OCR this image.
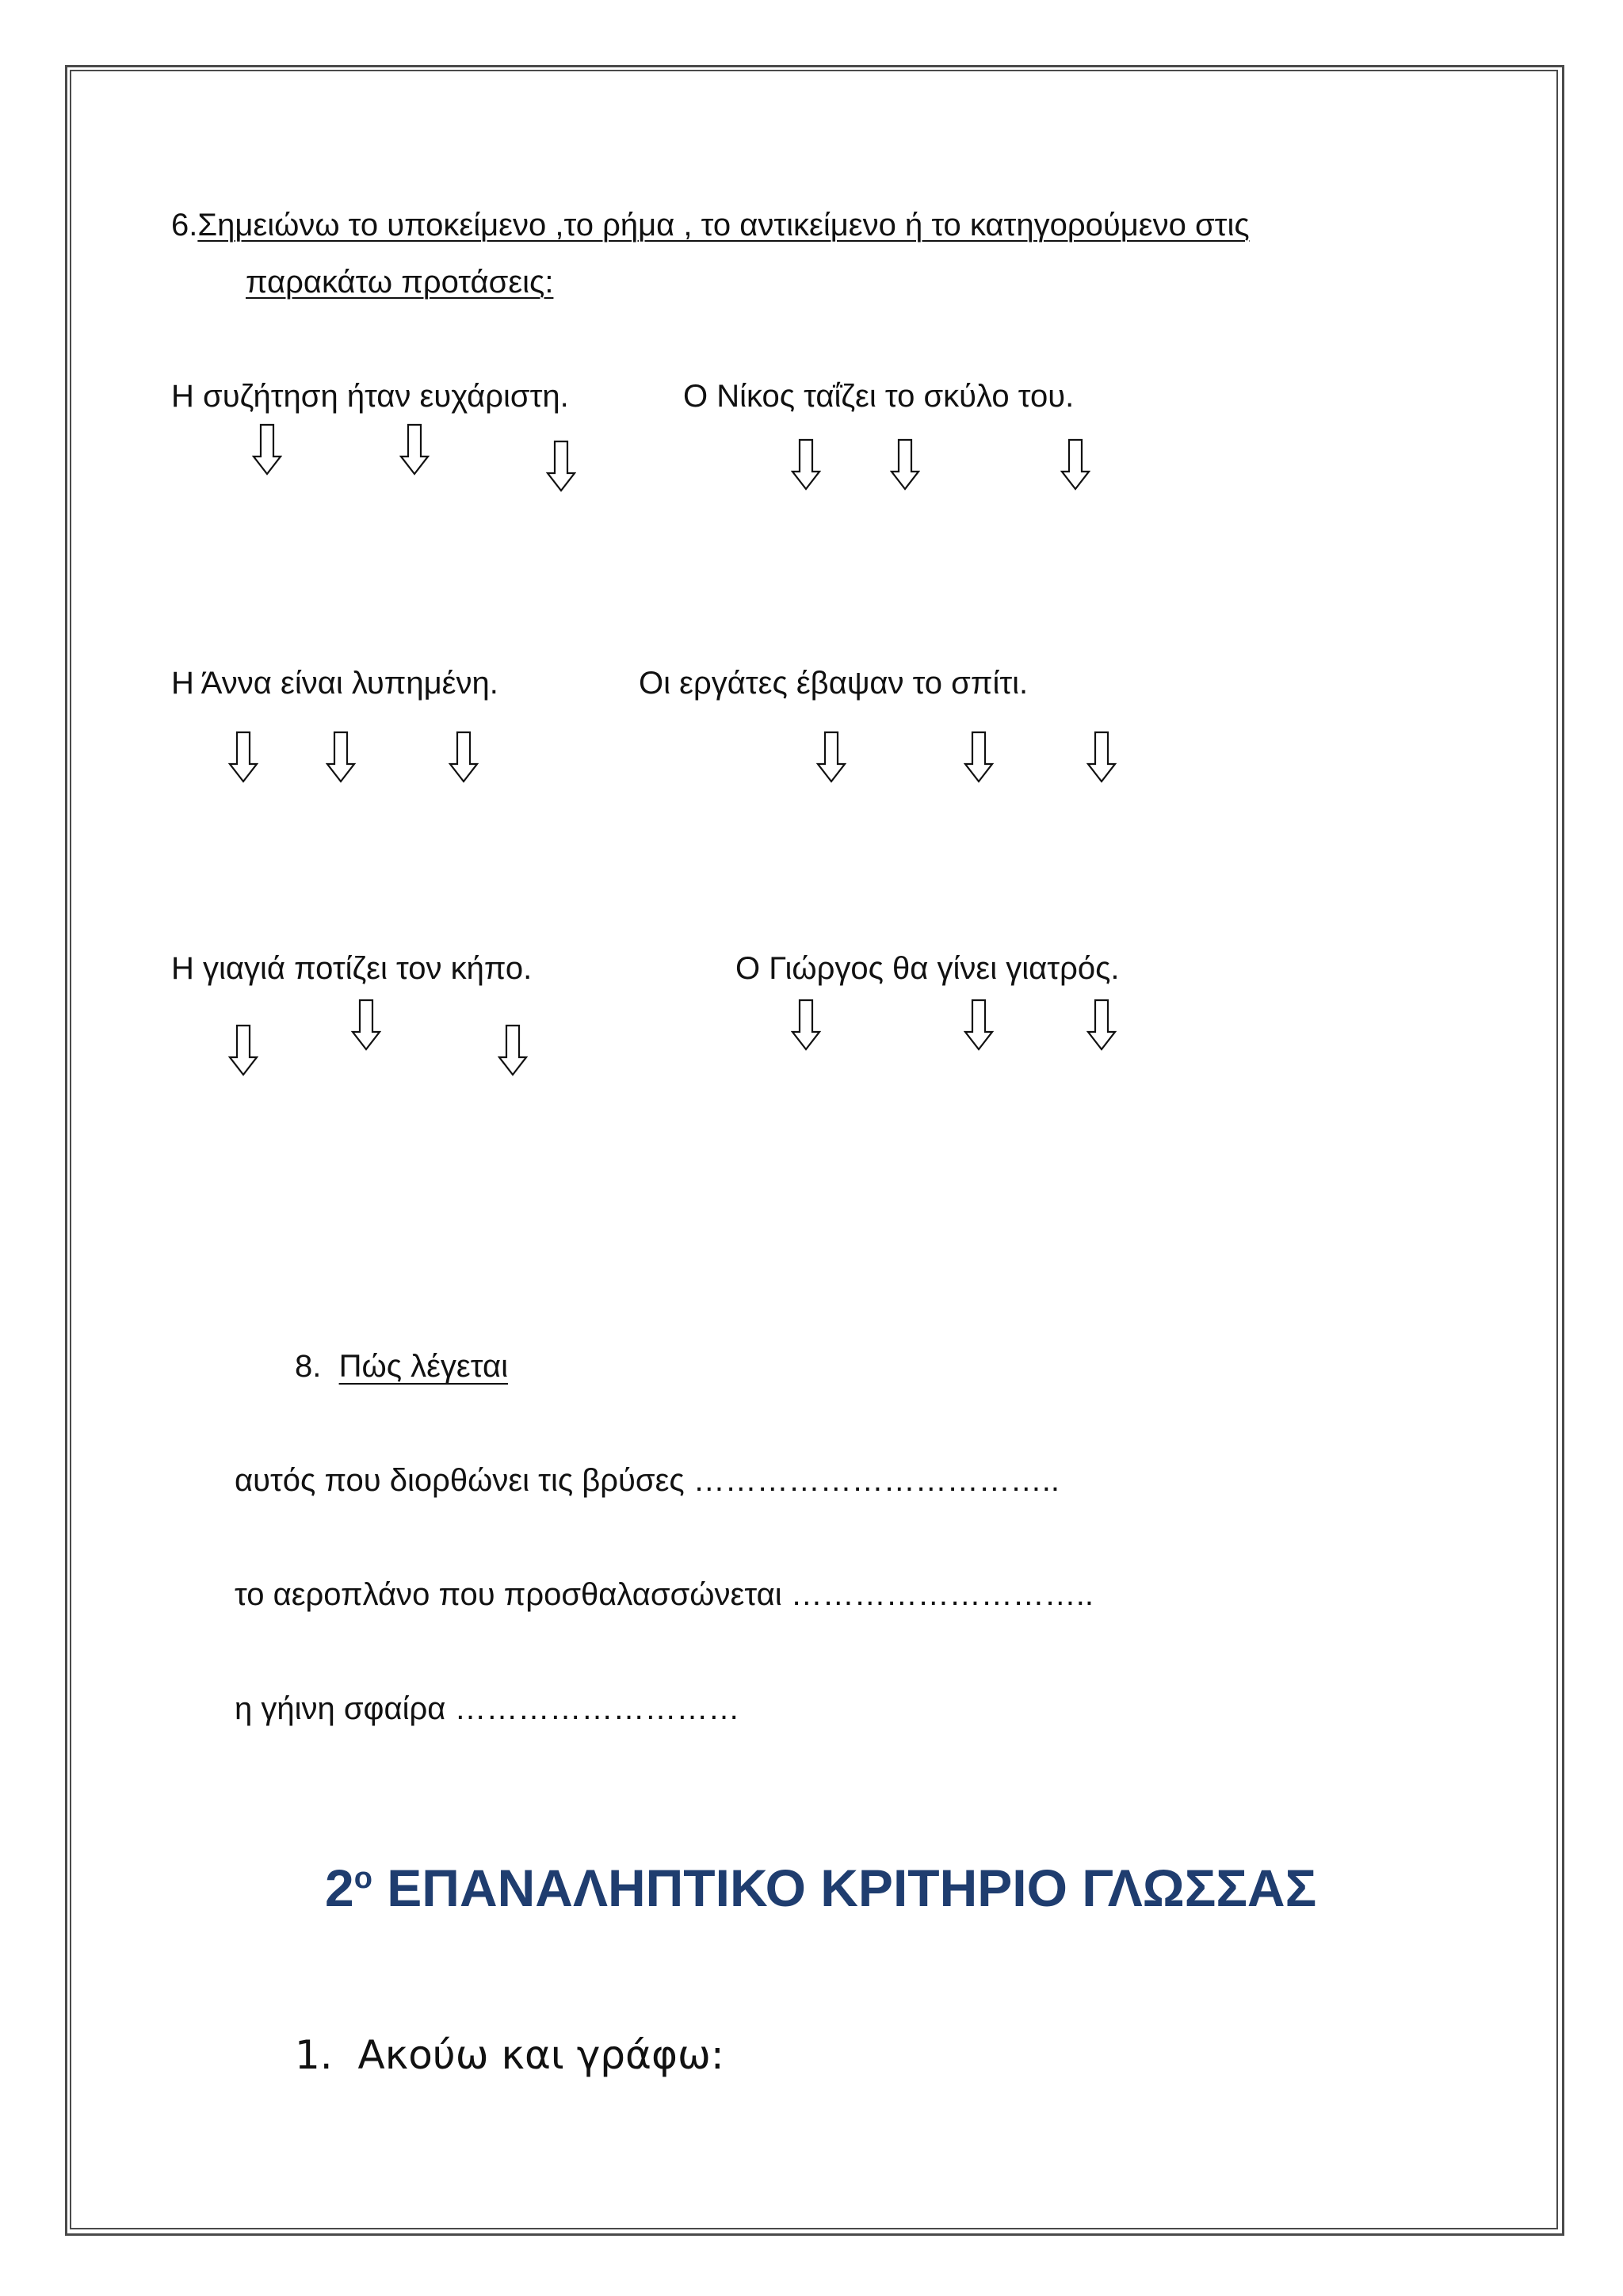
6.Σημειώνω το υποκείμενο ,το ρήμα , το αντικείμενο ή το κατηγορούμενο στις
παρακάτω προτάσεις:
Η συζήτηση ήταν ευχάριστη.	Ο Νίκος ταΐζει το σκύλο του.
Η Άννα είναι λυπημένη.	Οι εργάτες έβαψαν το σπίτι.
Η γιαγιά ποτίζει τον κήπο.	Ο Γιώργος θα γίνει γιατρός.
8. Πώς λέγεται
αυτός που διορθώνει τις βρύσες ……………………………..
το αεροπλάνο που προσθαλασσώνεται ………………………..
η γήινη σφαίρα ………………………
$2^o$ ΕΠΑΝΑΛΗΠΤΙΚΟ ΚΡΙΤΗΡΙΟ ΓΛΩΣΣΑΣ
1. Ακούω και γράφω:
